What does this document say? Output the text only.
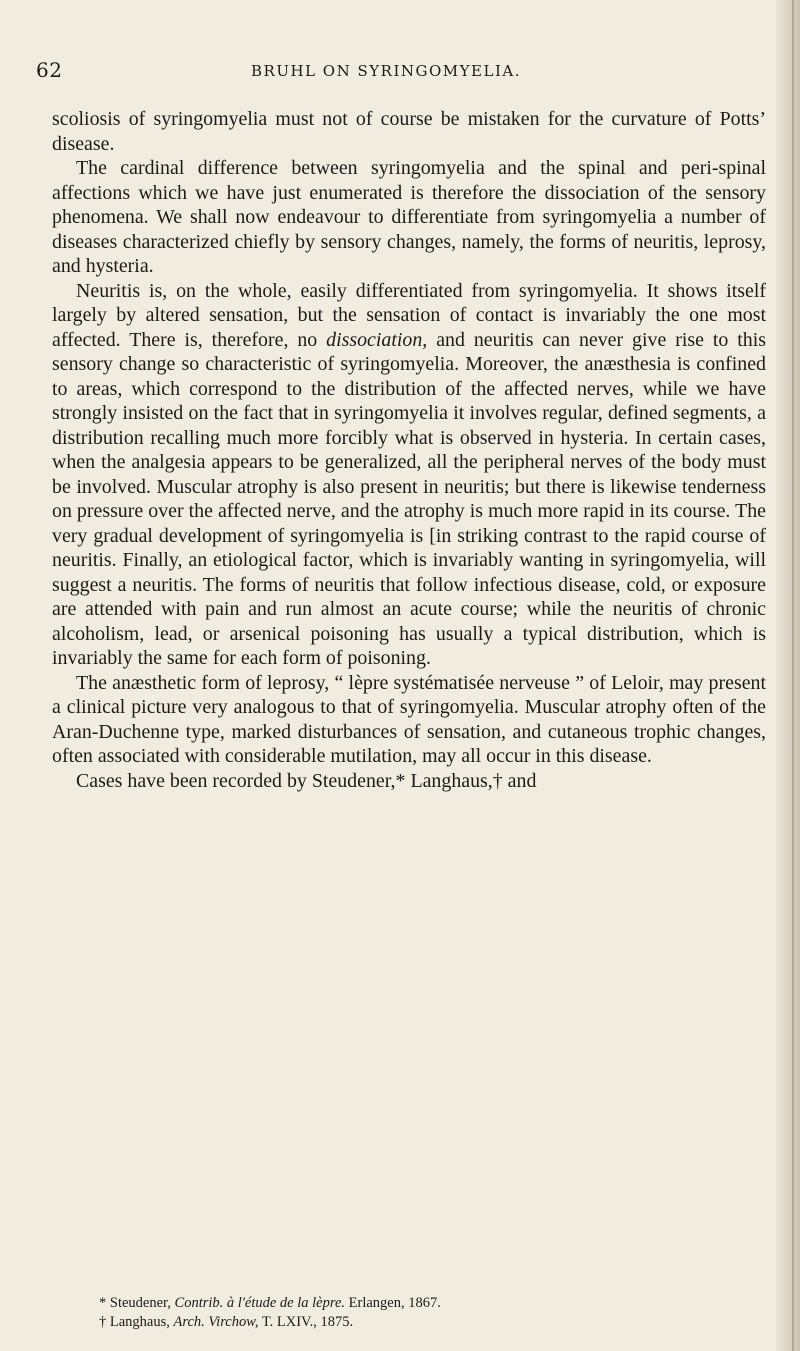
62	BRUHL ON SYRINGOMYELIA.

scoliosis of syringomyelia must not of course be mistaken for the curvature of Potts’ disease.

The cardinal difference between syringomyelia and the spinal and peri-spinal affections which we have just enumerated is therefore the dissociation of the sensory phenomena. We shall now endeavour to differentiate from syringomyelia a number of diseases characterized chiefly by sensory changes, namely, the forms of neuritis, leprosy, and hysteria.

Neuritis is, on the whole, easily differentiated from syringomyelia. It shows itself largely by altered sensation, but the sensation of contact is invariably the one most affected. There is, therefore, no dissociation, and neuritis can never give rise to this sensory change so characteristic of syringomyelia. Moreover, the anæsthesia is confined to areas, which correspond to the distribution of the affected nerves, while we have strongly insisted on the fact that in syringomyelia it involves regular, defined segments, a distribution recalling much more forcibly what is observed in hysteria. In certain cases, when the analgesia appears to be generalized, all the peripheral nerves of the body must be involved. Muscular atrophy is also present in neuritis; but there is likewise tenderness on pressure over the affected nerve, and the atrophy is much more rapid in its course. The very gradual development of syringomyelia is [in striking contrast to the rapid course of neuritis. Finally, an etiological factor, which is invariably wanting in syringomyelia, will suggest a neuritis. The forms of neuritis that follow infectious disease, cold, or exposure are attended with pain and run almost an acute course; while the neuritis of chronic alcoholism, lead, or arsenical poisoning has usually a typical distribution, which is invariably the same for each form of poisoning.

The anæsthetic form of leprosy, “ lèpre systématisée nerveuse ” of Leloir, may present a clinical picture very analogous to that of syringomyelia. Muscular atrophy often of the Aran-Duchenne type, marked disturbances of sensation, and cutaneous trophic changes, often associated with considerable mutilation, may all occur in this disease.

Cases have been recorded by Steudener,* Langhaus,† and

* Steudener, Contrib. à l'étude de la lèpre. Erlangen, 1867.

† Langhaus, Arch. Virchow, T. LXIV., 1875.
